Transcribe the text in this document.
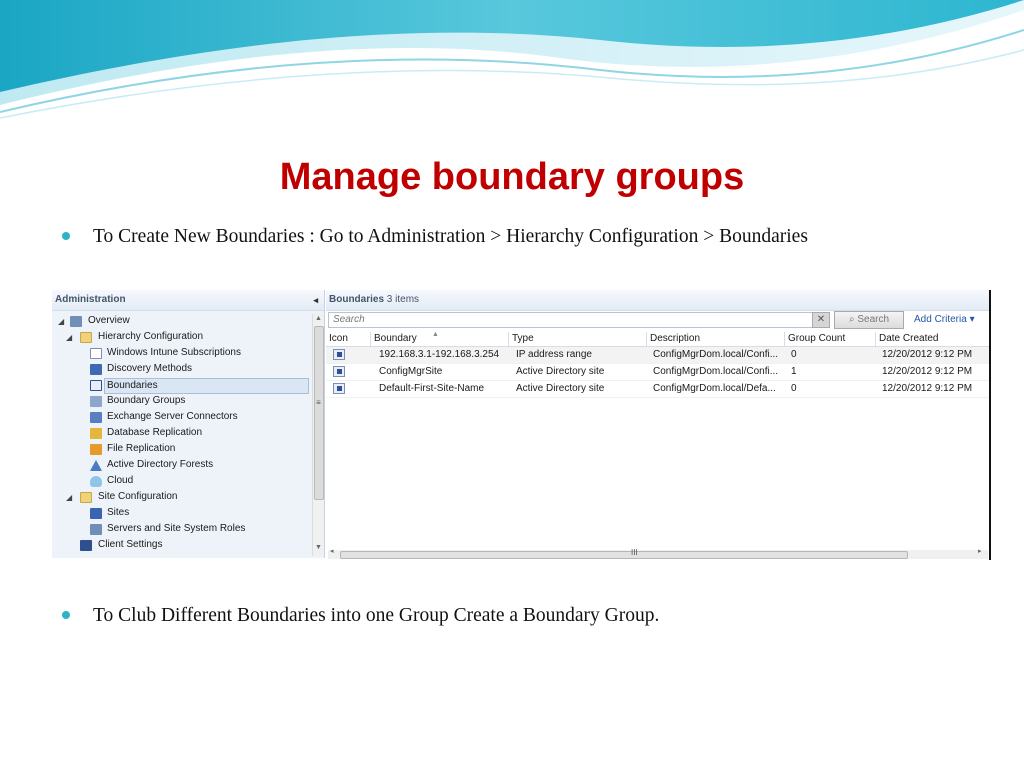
Manage boundary groups
To Create New Boundaries : Go to Administration > Hierarchy Configuration > Boundaries
Administration	◂
◢ Overview
◢	Hierarchy Configuration
Windows Intune Subscriptions
Discovery Methods
Boundaries
Boundary Groups
Exchange Server Connectors
Database Replication
File Replication
Active Directory Forests
Cloud
◢	Site Configuration
Sites
Servers and Site System Roles
Client Settings
▲
≡
▼
Boundaries 3 items
Search	✕	⌕ Search	Add Criteria ▾
Icon	Boundary	▲	Type	Description	Group Count	Date Created
192.168.3.1-192.168.3.254	IP address range	ConfigMgrDom.local/Confi...	0	12/20/2012 9:12 PM
ConfigMgrSite	Active Directory site	ConfigMgrDom.local/Confi...	1	12/20/2012 9:12 PM
Default-First-Site-Name	Active Directory site	ConfigMgrDom.local/Defa...	0	12/20/2012 9:12 PM
◂	III	▸
To Club Different Boundaries into one Group Create a Boundary Group.
